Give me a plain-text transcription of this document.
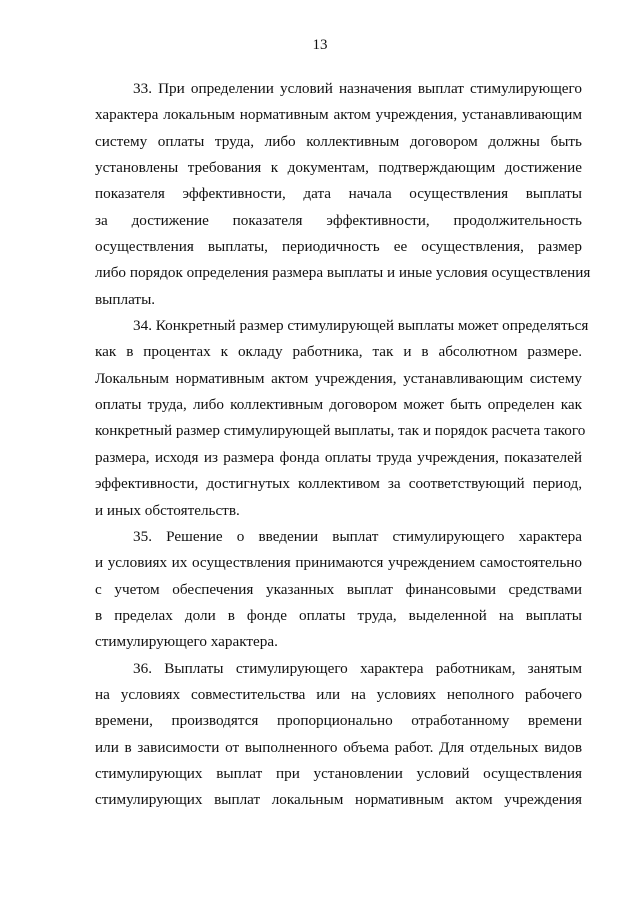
13

33. При определении условий назначения выплат стимулирующего
характера локальным нормативным актом учреждения, устанавливающим
систему оплаты труда, либо коллективным договором должны быть
установлены требования к документам, подтверждающим достижение
показателя эффективности, дата начала осуществления выплаты
за достижение показателя эффективности, продолжительность
осуществления выплаты, периодичность ее осуществления, размер
либо порядок определения размера выплаты и иные условия осуществления
выплаты.

34. Конкретный размер стимулирующей выплаты может определяться
как в процентах к окладу работника, так и в абсолютном размере.
Локальным нормативным актом учреждения, устанавливающим систему
оплаты труда, либо коллективным договором может быть определен как
конкретный размер стимулирующей выплаты, так и порядок расчета такого
размера, исходя из размера фонда оплаты труда учреждения, показателей
эффективности, достигнутых коллективом за соответствующий период,
и иных обстоятельств.

35. Решение о введении выплат стимулирующего характера
и условиях их осуществления принимаются учреждением самостоятельно
с учетом обеспечения указанных выплат финансовыми средствами
в пределах доли в фонде оплаты труда, выделенной на выплаты
стимулирующего характера.

36. Выплаты стимулирующего характера работникам, занятым
на условиях совместительства или на условиях неполного рабочего
времени, производятся пропорционально отработанному времени
или в зависимости от выполненного объема работ. Для отдельных видов
стимулирующих выплат при установлении условий осуществления
стимулирующих выплат локальным нормативным актом учреждения
